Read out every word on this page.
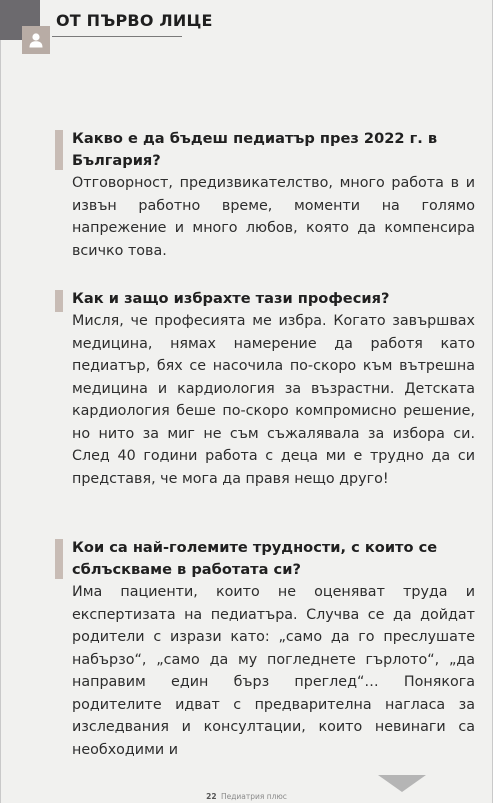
ОТ ПЪРВО ЛИЦЕ
Какво е да бъдеш педиатър през 2022 г. в България?
Отговорност, предизвикателство, много работа в и извън работно време, моменти на голямо напрежение и много любов, която да компенсира всичко това.
Как и защо избрахте тази професия?
Мисля, че професията ме избра. Когато завършвах медицина, нямах намерение да работя като педиатър, бях се насочила по-скоро към вътрешна медицина и кардиология за възрастни. Детската кардиология беше по-скоро компромисно решение, но нито за миг не съм съжалявала за избора си. След 40 години работа с деца ми е трудно да си представя, че мога да правя нещо друго!
Кои са най-големите трудности, с които се сблъскваме в работата си?
Има пациенти, които не оценяват труда и експертизата на педиатъра. Случва се да дойдат родители с изрази като: „само да го преслушате набързо“, „само да му погледнете гърлото“, „да направим един бърз преглед“… Понякога родителите идват с предварителна нагласа за изследвания и консултации, които невинаги са необходими и
22 Педиатрия плюс
